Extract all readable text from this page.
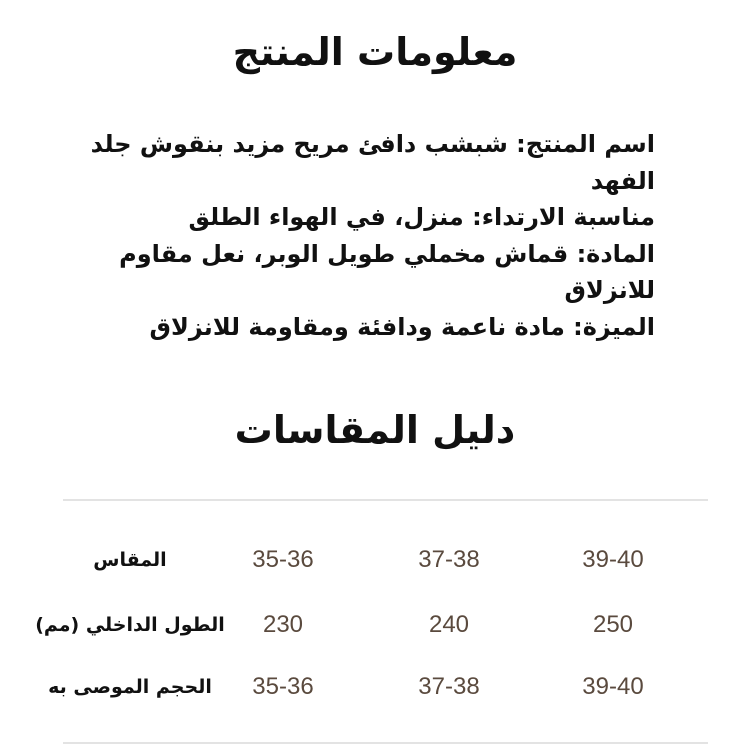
معلومات المنتج
اسم المنتج: شبشب دافئ مريح مزيد بنقوش جلد الفهد
مناسبة الارتداء: منزل، في الهواء الطلق
المادة: قماش مخملي طويل الوبر، نعل مقاوم للانزلاق
الميزة: مادة ناعمة ودافئة ومقاومة للانزلاق
دليل المقاسات
المقاس	35-36	37-38	39-40
الطول الداخلي (مم)	230	240	250
الحجم الموصى به	35-36	37-38	39-40
